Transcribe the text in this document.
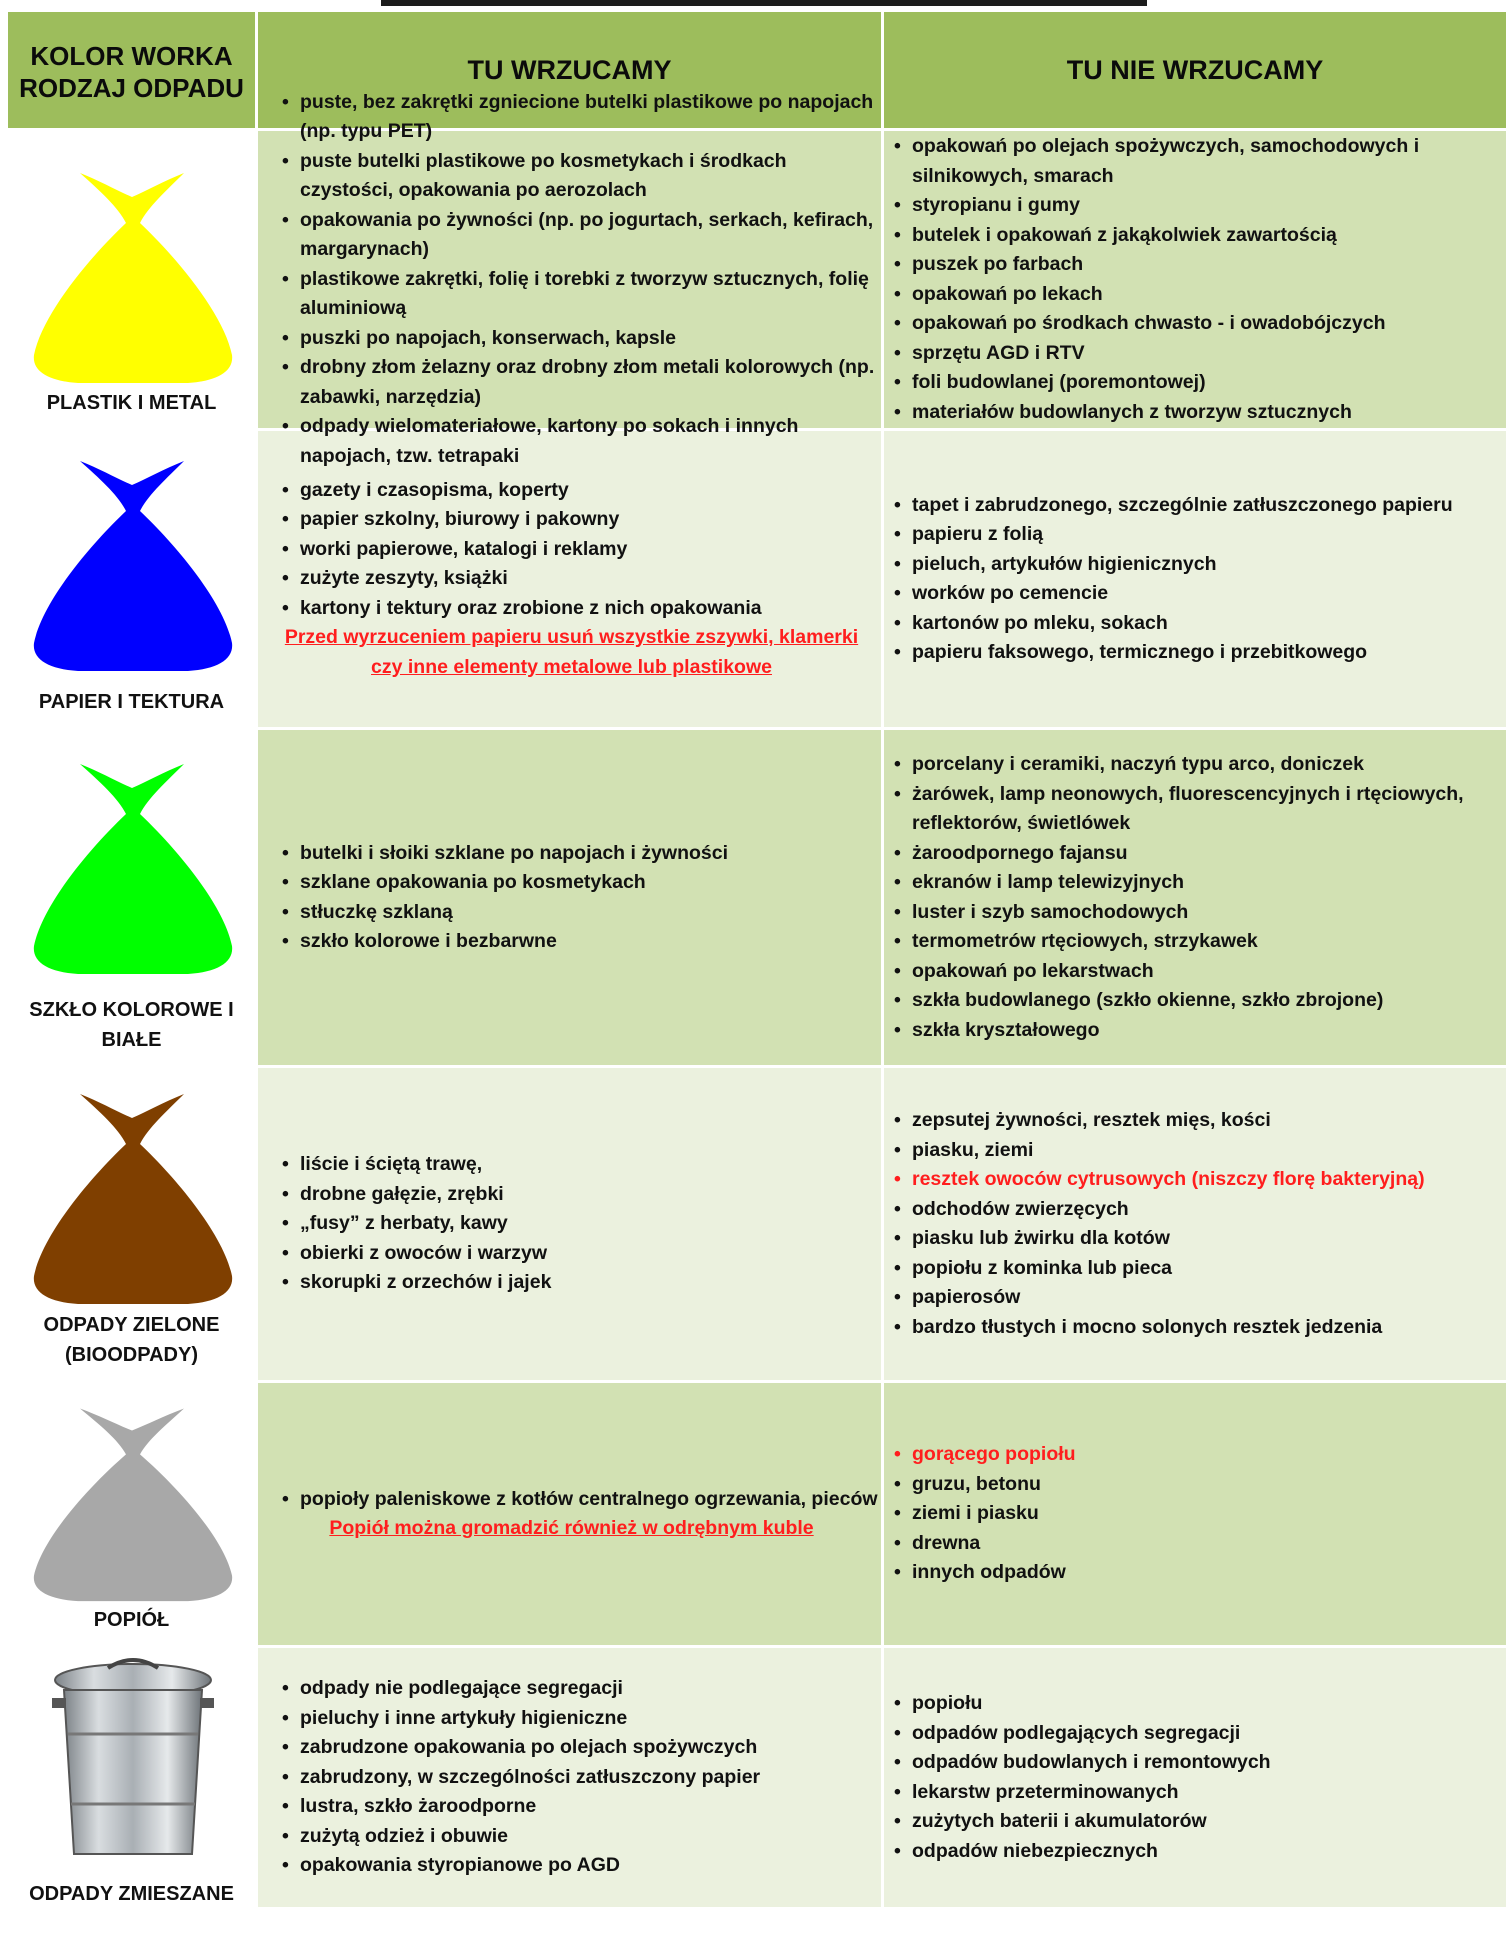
KOLOR WORKA RODZAJ ODPADU
TU WRZUCAMY	TU NIE WRZUCAMY
PLASTIK I METAL
• puste, bez zakrętki zgniecione butelki plastikowe po napojach (np. typu PET)
• puste butelki plastikowe po kosmetykach i środkach czystości, opakowania po aerozolach
• opakowania po żywności (np. po jogurtach, serkach, kefirach, margarynach)
• plastikowe zakrętki, folię i torebki z tworzyw sztucznych, folię aluminiową
• puszki po napojach, konserwach, kapsle
• drobny złom żelazny oraz drobny złom metali kolorowych (np. zabawki, narzędzia)
• odpady wielomateriałowe, kartony po sokach i innych napojach, tzw. tetrapaki
• opakowań po olejach spożywczych, samochodowych i silnikowych, smarach
• styropianu i gumy
• butelek i opakowań z jakąkolwiek zawartością
• puszek po farbach
• opakowań po lekach
• opakowań po środkach chwasto - i owadobójczych
• sprzętu AGD i RTV
• foli budowlanej (poremontowej)
• materiałów budowlanych z tworzyw sztucznych
PAPIER I TEKTURA
• gazety i czasopisma, koperty
• papier szkolny, biurowy i pakowny
• worki papierowe, katalogi i reklamy
• zużyte zeszyty, książki
• kartony i tektury oraz zrobione z nich opakowania
Przed wyrzuceniem papieru usuń wszystkie zszywki, klamerki czy inne elementy metalowe lub plastikowe
• tapet i zabrudzonego, szczególnie zatłuszczonego papieru
• papieru z folią
• pieluch, artykułów higienicznych
• worków po cemencie
• kartonów po mleku, sokach
• papieru faksowego, termicznego i przebitkowego
SZKŁO KOLOROWE I BIAŁE
• butelki i słoiki szklane po napojach i żywności
• szklane opakowania po kosmetykach
• stłuczkę szklaną
• szkło kolorowe i bezbarwne
• porcelany i ceramiki, naczyń typu arco, doniczek
• żarówek, lamp neonowych, fluorescencyjnych i rtęciowych, reflektorów, świetlówek
• żaroodpornego fajansu
• ekranów i lamp telewizyjnych
• luster i szyb samochodowych
• termometrów rtęciowych, strzykawek
• opakowań po lekarstwach
• szkła budowlanego (szkło okienne, szkło zbrojone)
• szkła kryształowego
ODPADY ZIELONE (BIOODPADY)
• liście i ściętą trawę,
• drobne gałęzie, zrębki
• „fusy” z herbaty, kawy
• obierki z owoców i warzyw
• skorupki z orzechów i jajek
• zepsutej żywności, resztek mięs, kości
• piasku, ziemi
• resztek owoców cytrusowych (niszczy florę bakteryjną)
• odchodów zwierzęcych
• piasku lub żwirku dla kotów
• popiołu z kominka lub pieca
• papierosów
• bardzo tłustych i mocno solonych resztek jedzenia
POPIÓŁ
• popioły paleniskowe z kotłów centralnego ogrzewania, pieców
Popiół można gromadzić również w odrębnym kuble
• gorącego popiołu
• gruzu, betonu
• ziemi i piasku
• drewna
• innych odpadów
ODPADY ZMIESZANE
• odpady nie podlegające segregacji
• pieluchy i inne artykuły higieniczne
• zabrudzone opakowania po olejach spożywczych
• zabrudzony, w szczególności zatłuszczony papier
• lustra, szkło żaroodporne
• zużytą odzież i obuwie
• opakowania styropianowe po AGD
• popiołu
• odpadów podlegających segregacji
• odpadów budowlanych i remontowych
• lekarstw przeterminowanych
• zużytych baterii i akumulatorów
• odpadów niebezpiecznych
